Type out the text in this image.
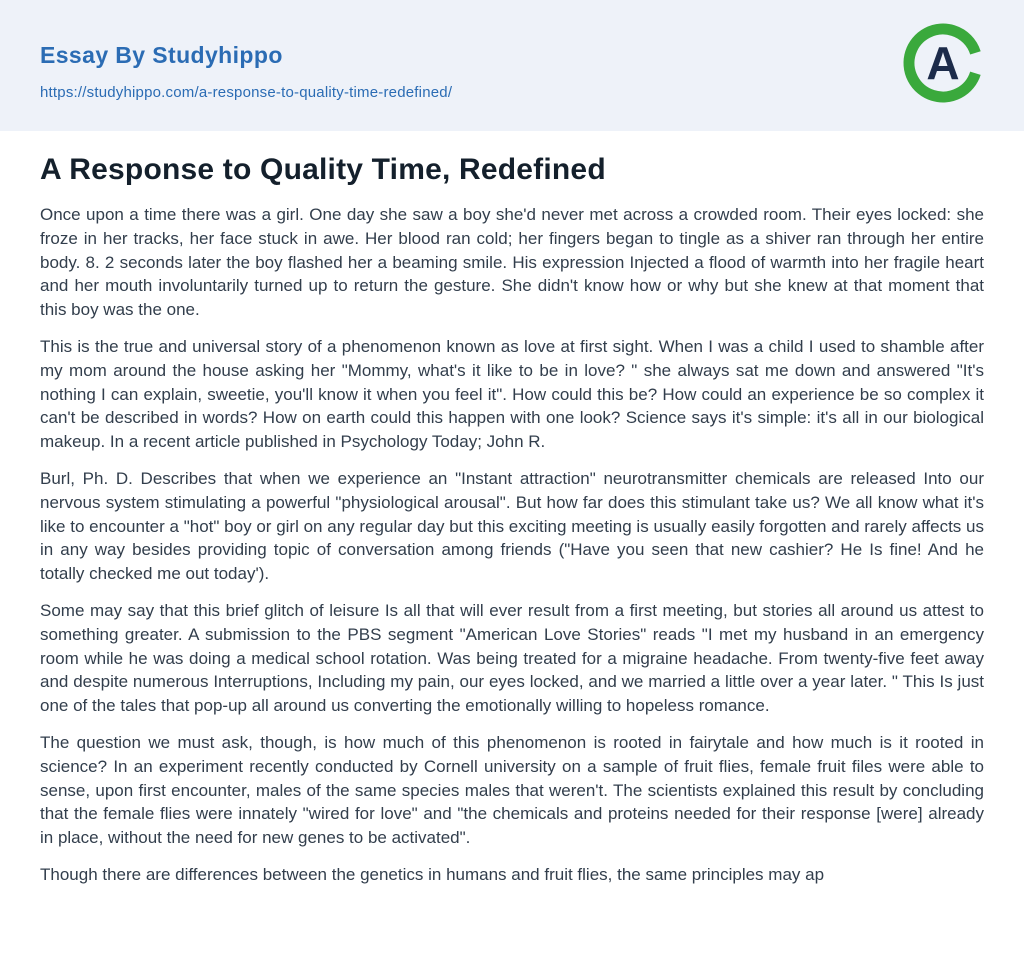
Essay By Studyhippo
https://studyhippo.com/a-response-to-quality-time-redefined/
A
A Response to Quality Time, Redefined

Once upon a time there was a girl. One day she saw a boy she'd never met across a crowded room. Their eyes locked: she froze in her tracks, her face stuck in awe. Her blood ran cold; her fingers began to tingle as a shiver ran through her entire body. 8. 2 seconds later the boy flashed her a beaming smile. His expression Injected a flood of warmth into her fragile heart and her mouth involuntarily turned up to return the gesture. She didn't know how or why but she knew at that moment that this boy was the one.

This is the true and universal story of a phenomenon known as love at first sight. When I was a child I used to shamble after my mom around the house asking her "Mommy, what's it like to be in love? " she always sat me down and answered "It's nothing I can explain, sweetie, you'll know it when you feel it". How could this be? How could an experience be so complex it can't be described in words? How on earth could this happen with one look? Science says it's simple: it's all in our biological makeup. In a recent article published in Psychology Today; John R.

Burl, Ph. D. Describes that when we experience an "Instant attraction" neurotransmitter chemicals are released Into our nervous system stimulating a powerful "physiological arousal". But how far does this stimulant take us? We all know what it's like to encounter a "hot" boy or girl on any regular day but this exciting meeting is usually easily forgotten and rarely affects us in any way besides providing topic of conversation among friends ("Have you seen that new cashier? He Is fine! And he totally checked me out today').

Some may say that this brief glitch of leisure Is all that will ever result from a first meeting, but stories all around us attest to something greater. A submission to the PBS segment "American Love Stories" reads "I met my husband in an emergency room while he was doing a medical school rotation. Was being treated for a migraine headache. From twenty-five feet away and despite numerous Interruptions, Including my pain, our eyes locked, and we married a little over a year later. " This Is just one of the tales that pop-up all around us converting the emotionally willing to hopeless romance.

The question we must ask, though, is how much of this phenomenon is rooted in fairytale and how much is it rooted in science? In an experiment recently conducted by Cornell university on a sample of fruit flies, female fruit files were able to sense, upon first encounter, males of the same species males that weren't. The scientists explained this result by concluding that the female flies were innately "wired for love" and "the chemicals and proteins needed for their response [were] already in place, without the need for new genes to be activated".

Though there are differences between the genetics in humans and fruit flies, the same principles may ap
